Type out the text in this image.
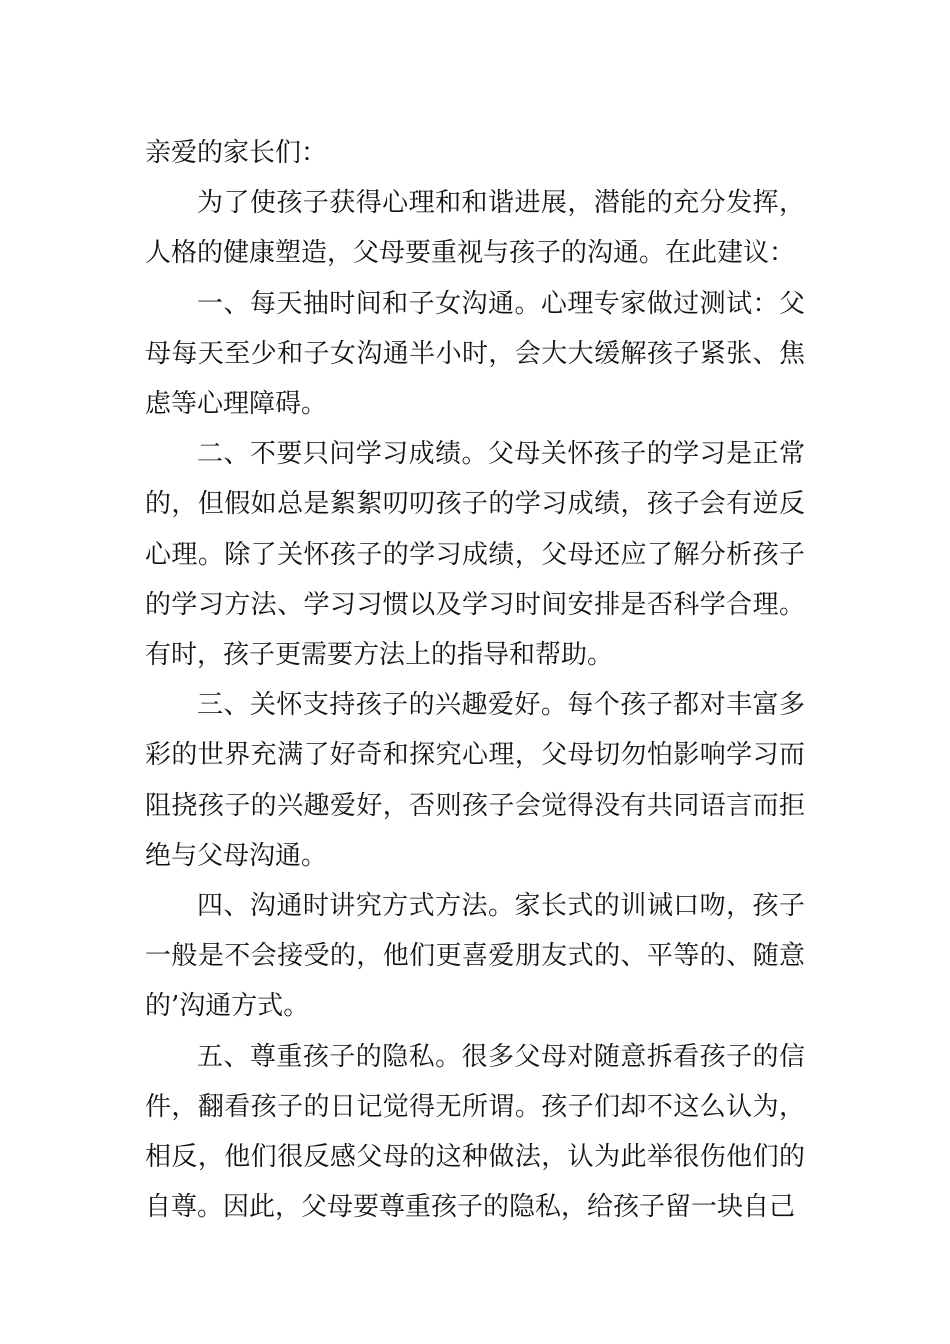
亲爱的家长们：

为了使孩子获得心理和和谐进展，潜能的充分发挥，人格的健康塑造，父母要重视与孩子的沟通。在此建议：

一、每天抽时间和子女沟通。心理专家做过测试：父母每天至少和子女沟通半小时，会大大缓解孩子紧张、焦虑等心理障碍。

二、不要只问学习成绩。父母关怀孩子的学习是正常的，但假如总是絮絮叨叨孩子的学习成绩，孩子会有逆反心理。除了关怀孩子的学习成绩，父母还应了解分析孩子的学习方法、学习习惯以及学习时间安排是否科学合理。有时，孩子更需要方法上的指导和帮助。

三、关怀支持孩子的兴趣爱好。每个孩子都对丰富多彩的世界充满了好奇和探究心理，父母切勿怕影响学习而阻挠孩子的兴趣爱好，否则孩子会觉得没有共同语言而拒绝与父母沟通。

四、沟通时讲究方式方法。家长式的训诫口吻，孩子一般是不会接受的，他们更喜爱朋友式的、平等的、随意的’沟通方式。

五、尊重孩子的隐私。很多父母对随意拆看孩子的信件，翻看孩子的日记觉得无所谓。孩子们却不这么认为，相反，他们很反感父母的这种做法，认为此举很伤他们的自尊。因此，父母要尊重孩子的隐私，给孩子留一块自己
